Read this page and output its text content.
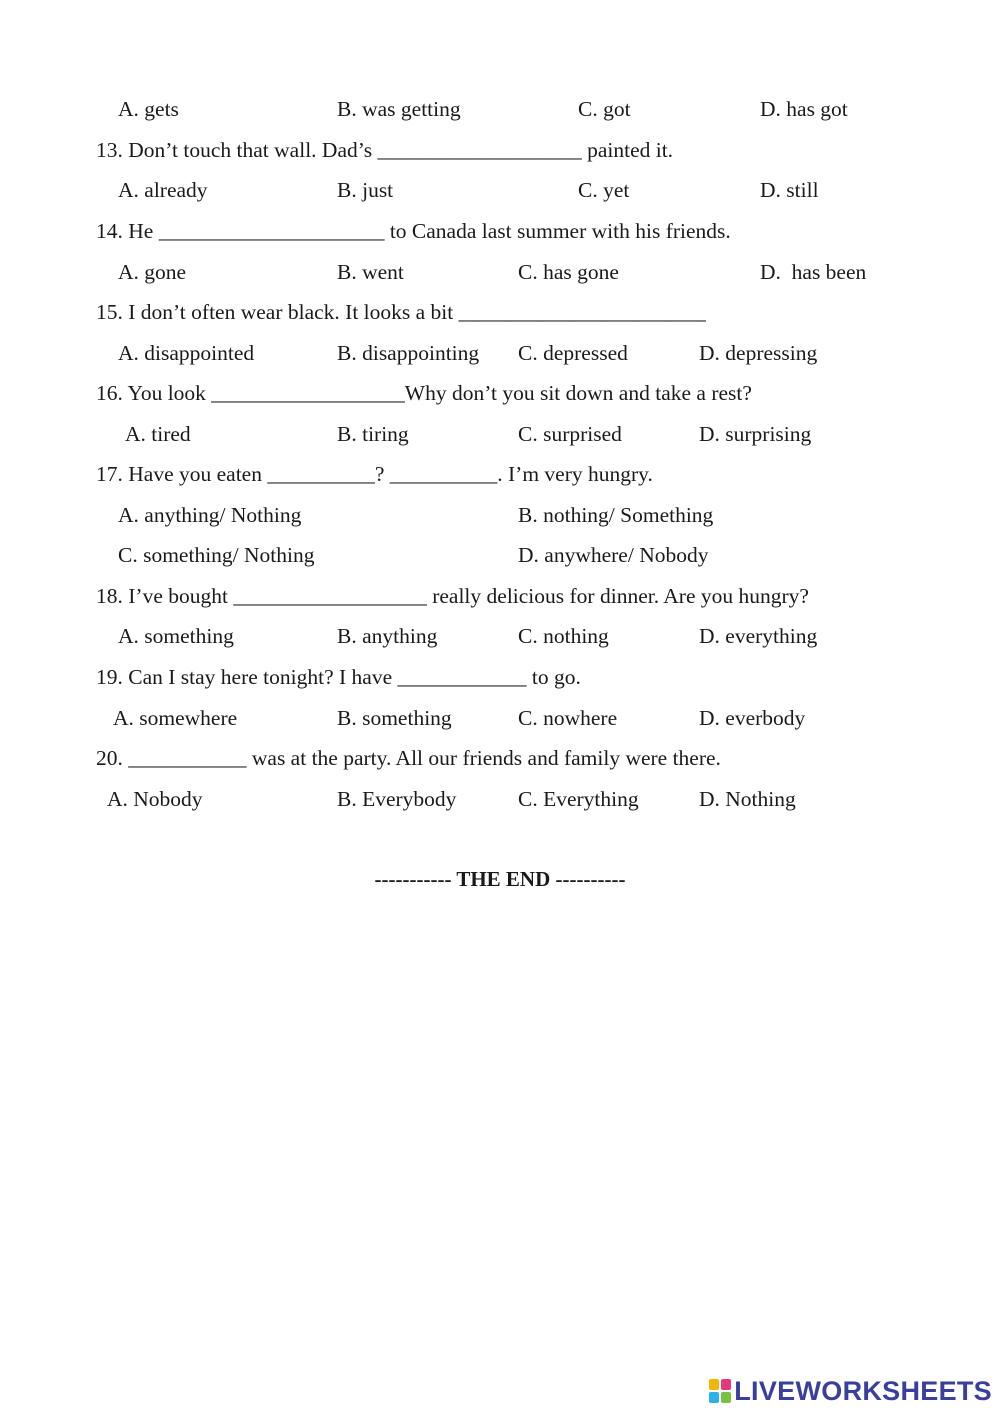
A. gets	B. was getting	C. got	D. has got
13. Don’t touch that wall. Dad’s ___________________ painted it.
A. already	B. just	C. yet	D. still
14. He _____________________ to Canada last summer with his friends.
A. gone	B. went	C. has gone	D.  has been
15. I don’t often wear black. It looks a bit _______________________
A. disappointed	B. disappointing C. depressed	D. depressing
16. You look __________________Why don’t you sit down and take a rest?
A. tired	B. tiring	C. surprised	D. surprising
17. Have you eaten __________? __________. I’m very hungry.
A. anything/ Nothing	B. nothing/ Something
C. something/ Nothing	D. anywhere/ Nobody
18. I’ve bought __________________ really delicious for dinner. Are you hungry?
A. something	B. anything	C. nothing	D. everything
19. Can I stay here tonight? I have ____________ to go.
A. somewhere	B. something	C. nowhere	D. everbody
20. ___________ was at the party. All our friends and family were there.
A. Nobody	B. Everybody	C. Everything	D. Nothing
----------- THE END ----------
LIVEWORKSHEETS
